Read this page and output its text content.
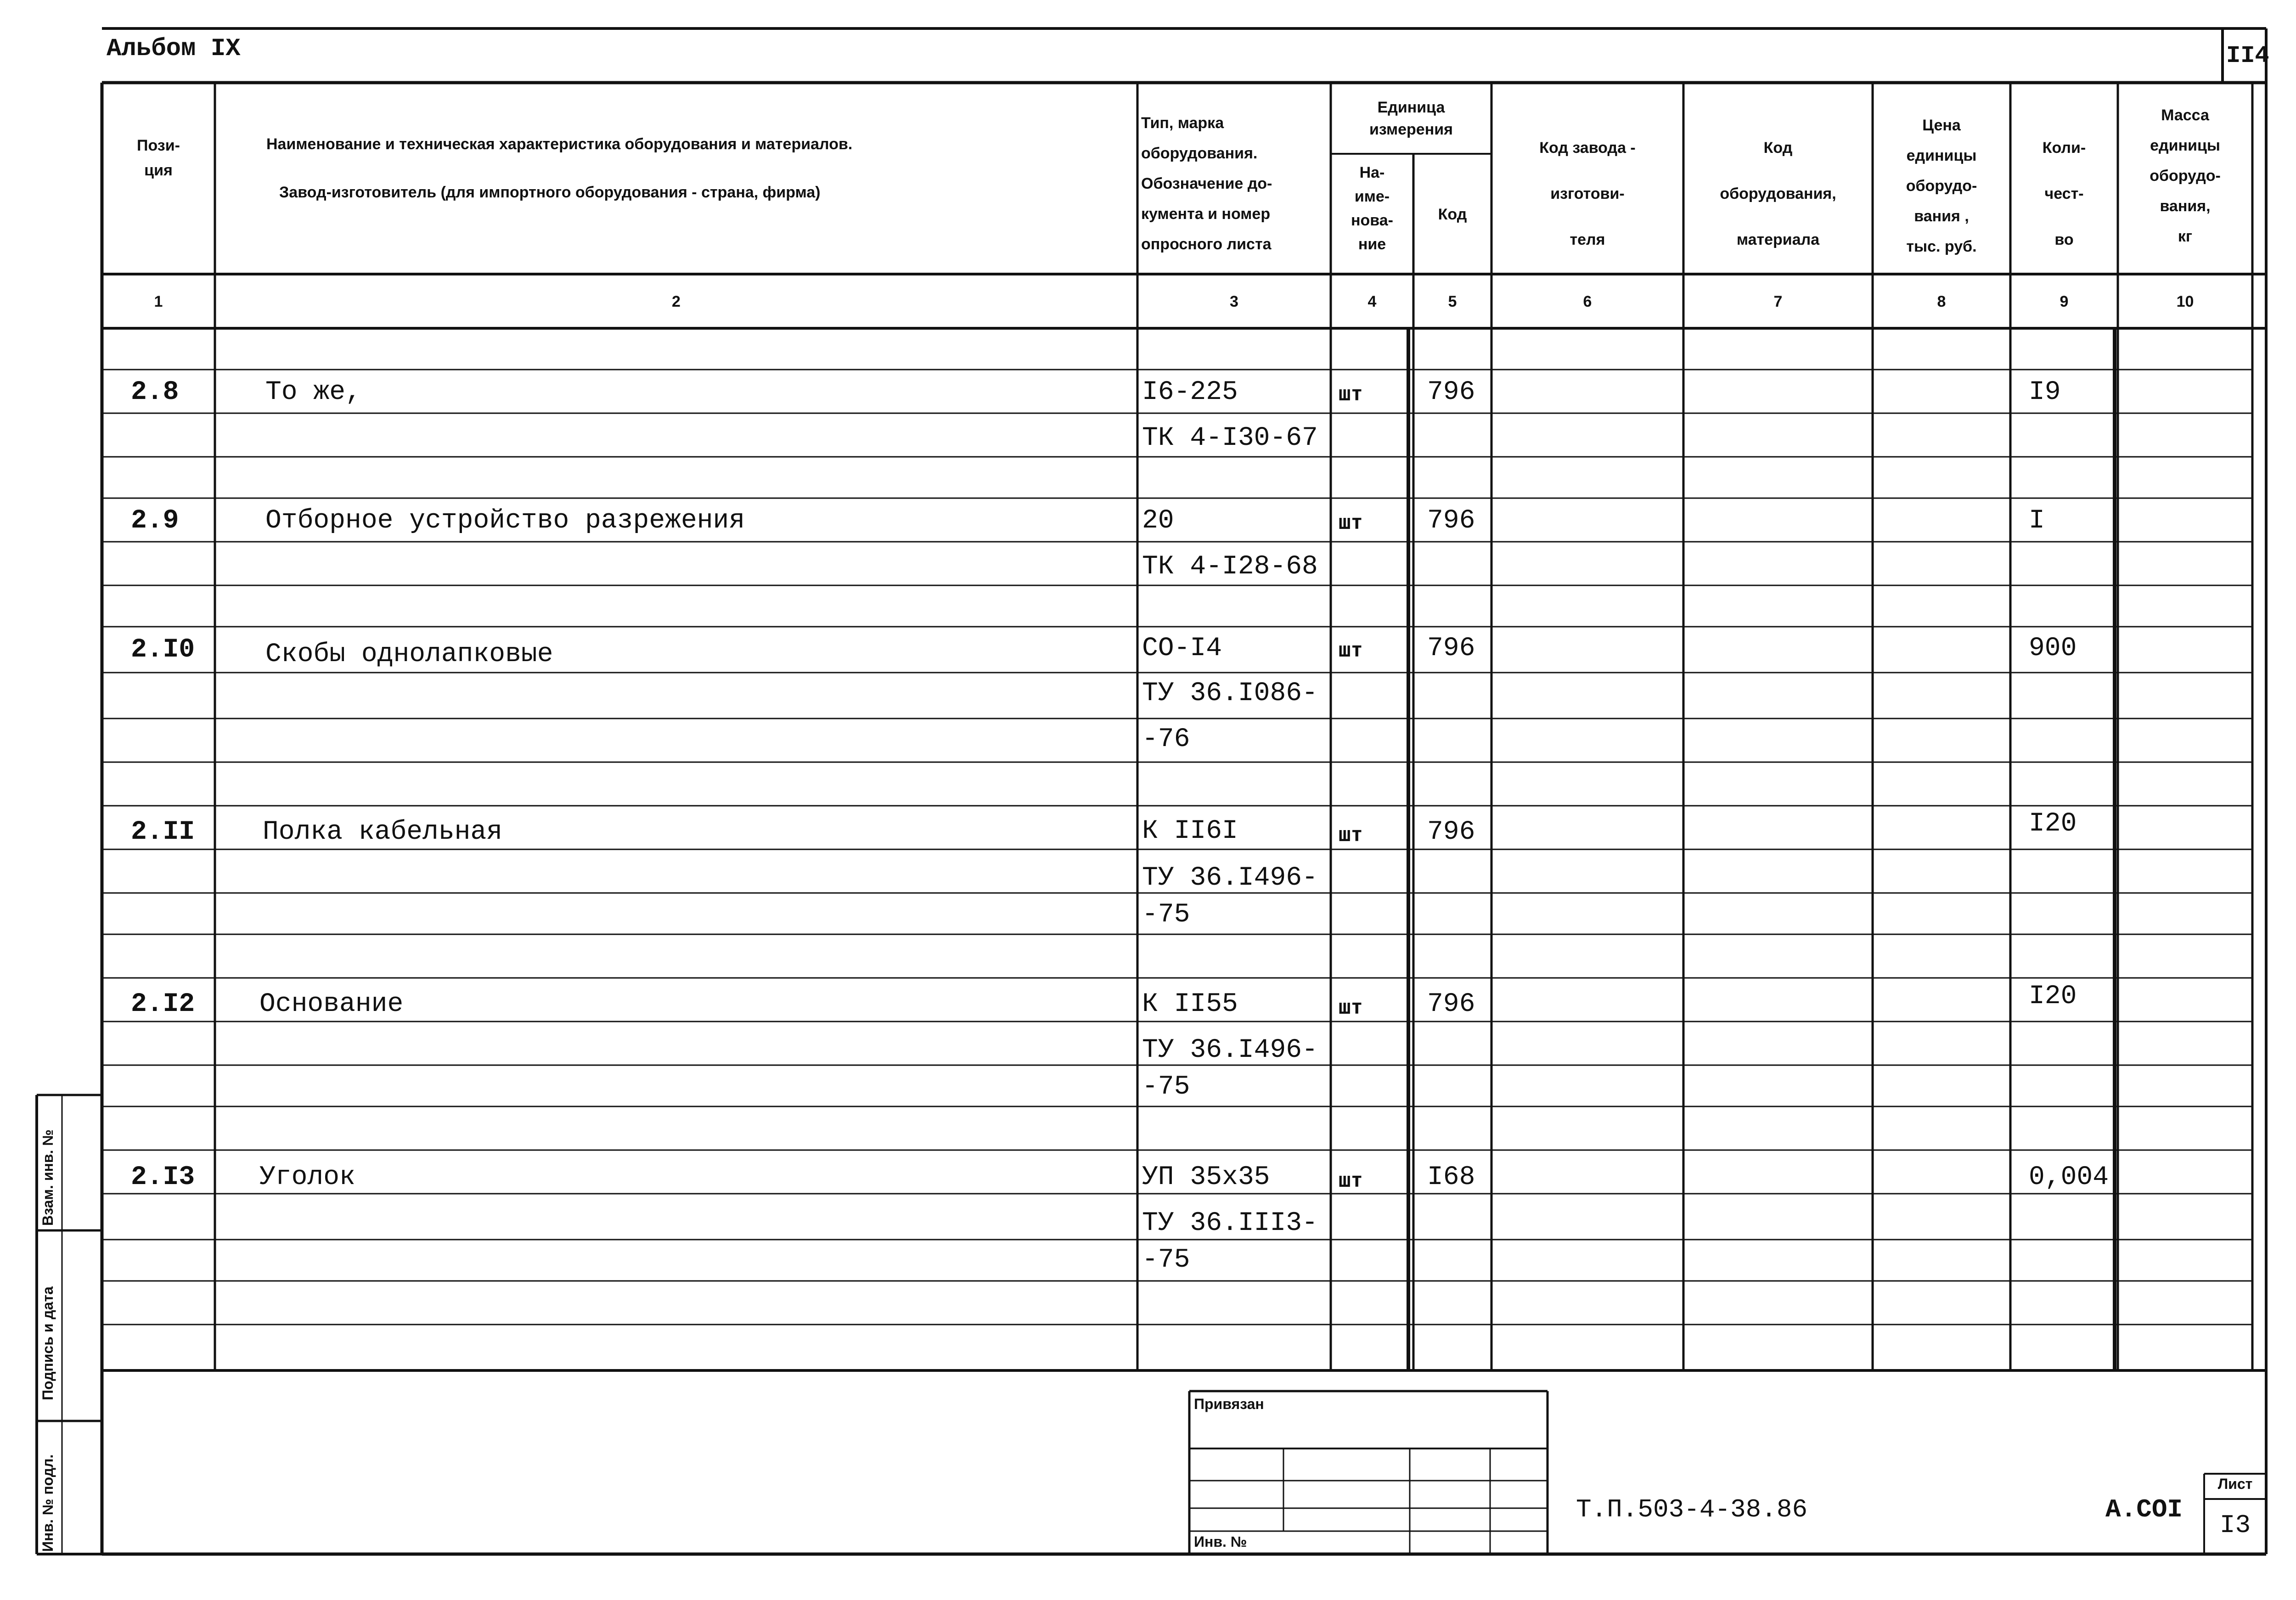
Альбом IX	II4
Пози-
ция
Наименование и техническая характеристика оборудования и материалов.
Завод-изготовитель (для импортного оборудования - страна, фирма)
Тип, марка
оборудования.
Обозначение до-
кумента и номер
опросного листа
Единица
измерения
На-
име-
нова-
ние
Код
Код завода -
изготови-
теля
Код
оборудования,
материала
Цена
единицы
оборудо-
вания ,
тыс. руб.
Коли-
чест-
во
Масса
единицы
оборудо-
вания,
кг
1	2	3	4	5	6	7	8	9	10
2.8	То же,	I6-225
ТК 4-I30-67
шт 796	I9
2.9	Отборное устройство разрежения	20
ТК 4-I28-68
шт 796	I
2.I0	Скобы однолапковые	СО-I4
ТУ 36.I086-
-76
шт 796	900
2.II	Полка кабельная	К II6I
ТУ 36.I496-
-75
шт 796	I20
2.I2 Основание	К II55
ТУ 36.I496-
-75
шт 796	I20
2.I3 Уголок	УП 35х35
ТУ 36.III3-
-75
шт I68	0,004
Взам. инв. №
Подпись и дата
Инв. № подл.
Привязан
Инв. №
Т.П.503-4-38.86	А.СОI
Лист
I3
